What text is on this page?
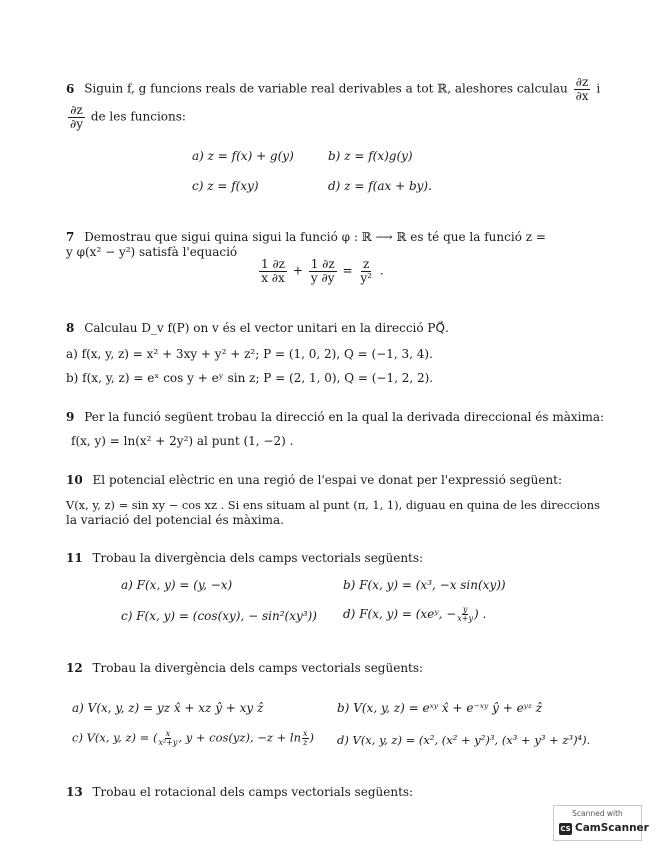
6 Siguin f, g funcions reals de variable real derivables a tot ℝ, aleshores calculau $\frac{\partial z}{\partial x}$ i
$\frac{\partial z}{\partial y}$ de les funcions:
a) z = f(x) + g(y)	b) z = f(x)g(y)
c) z = f(xy)	d) z = f(ax + by).
7 Demostrau que sigui quina sigui la funció φ : ℝ ⟶ ℝ es té que la funció z =
y φ(x² − y²) satisfà l'equació
$\frac{1 \partial z}{x \partial x} + \frac{1 \partial z}{y \partial y} = \frac{z}{\text{y²}}$ .
8 Calculau D_v f(P) on v és el vector unitari en la direcció PQ⃗.
a) f(x, y, z) = x² + 3xy + y² + z²; P = (1, 0, 2), Q = (−1, 3, 4).
b) f(x, y, z) = eˣ cos y + eʸ sin z; P = (2, 1, 0), Q = (−1, 2, 2).
9 Per la funció següent trobau la direcció en la qual la derivada direccional és màxima:
f(x, y) = ln(x² + 2y²) al punt (1, −2) .
10 El potencial elèctric en una regió de l'espai ve donat per l'expressió següent:
V(x, y, z) = sin xy − cos xz . Si ens situam al punt (π, 1, 1), diguau en quina de les direccions
la variació del potencial és màxima.
11 Trobau la divergència dels camps vectorials següents:
a) F(x, y) = (y, −x)	b) F(x, y) = (x³, −x sin(xy))
c) F(x, y) = (cos(xy), − sin²(xy³)) d) F(x, y) = (xeʸ, − $\frac{y}{x+y}$ ) .
12 Trobau la divergència dels camps vectorials següents:
a) V(x, y, z) = yz x̂ + xz ŷ + xy ẑ	b) V(x, y, z) = eˣʸ x̂ + e⁻ˣʸ ŷ + eʸᶻ ẑ
c) V(x, y, z) = ( $\frac{x}{\text{x²+y}}$ , y + cos(yz), $-z + \ln \frac{x}{z}$ ) d) V(x, y, z) = (x², (x² + y²)³, (x³ + y³ + z³)⁴).
13 Trobau el rotacional dels camps vectorials següents:
Scanned with
CS CamScanner
